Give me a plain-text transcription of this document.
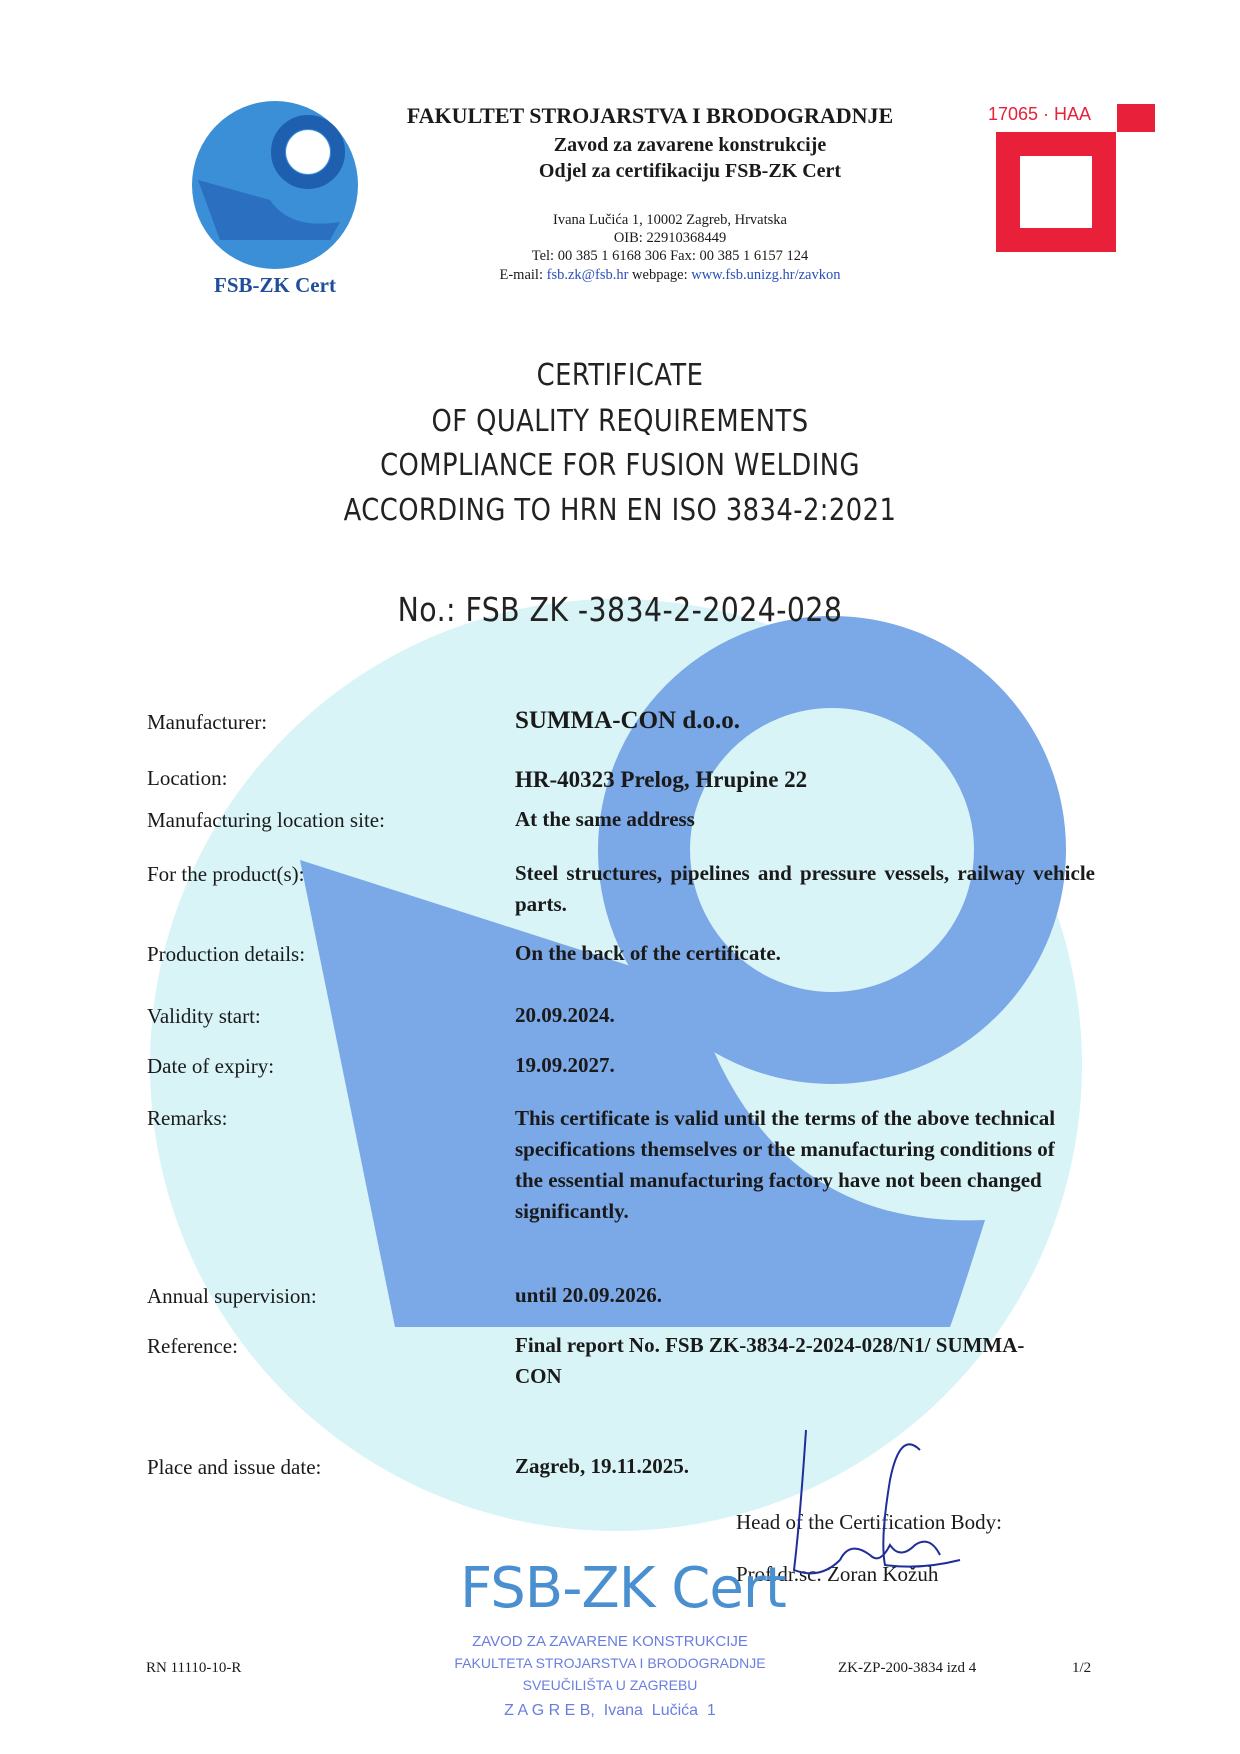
FSB-ZK Cert
FAKULTET STROJARSTVA I BRODOGRADNJE
Zavod za zavarene konstrukcije
Odjel za certifikaciju FSB-ZK Cert
Ivana Lučića 1, 10002 Zagreb, Hrvatska
OIB: 22910368449
Tel: 00 385 1 6168 306 Fax: 00 385 1 6157 124
E-mail: fsb.zk@fsb.hr webpage: www.fsb.unizg.hr/zavkon
17065 · HAA
3469
CERTIFICATE
OF QUALITY REQUIREMENTS
COMPLIANCE FOR FUSION WELDING
ACCORDING TO HRN EN ISO 3834-2:2021
No.: FSB ZK -3834-2-2024-028
Manufacturer:	SUMMA-CON d.o.o.
Location:	HR-40323 Prelog, Hrupine 22
Manufacturing location site:	At the same address
For the product(s):	Steel structures, pipelines and pressure vessels, railway vehicle parts.
Production details:	On the back of the certificate.
Validity start:	20.09.2024.
Date of expiry:	19.09.2027.
Remarks:	This certificate is valid until the terms of the above technical specifications themselves or the manufacturing conditions of the essential manufacturing factory have not been changed significantly.
Annual supervision:	until 20.09.2026.
Reference:	Final report No. FSB ZK-3834-2-2024-028/N1/ SUMMA-CON
Place and issue date:	Zagreb, 19.11.2025.
Head of the Certification Body:
Prof.dr.sc. Zoran Kožuh
FSB-ZK Cert
ZAVOD ZA ZAVARENE KONSTRUKCIJE
FAKULTETA STROJARSTVA I BRODOGRADNJE
SVEUČILIŠTA U ZAGREBU
Z A G R E B,  Ivana  Lučića  1
RN 11110-10-R	ZK-ZP-200-3834 izd 4	1/2
